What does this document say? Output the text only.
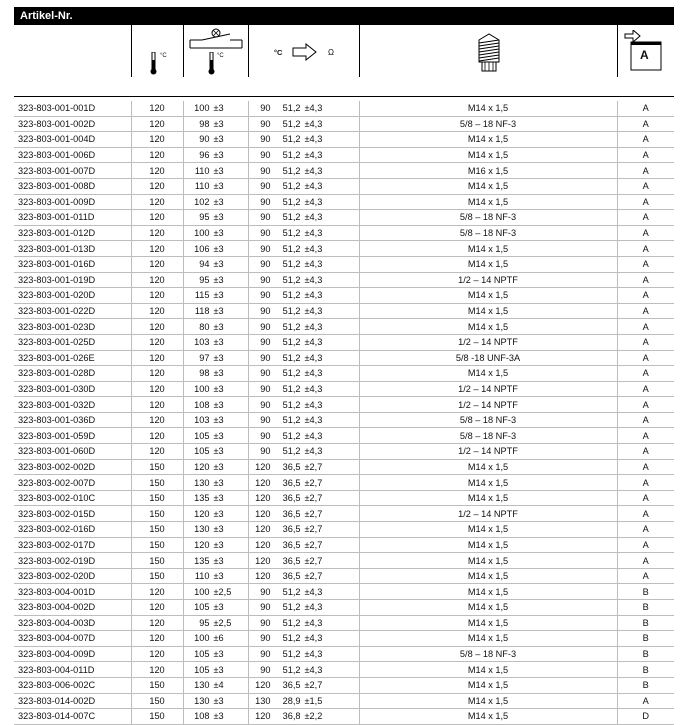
Artikel-Nr.
°C	°C	°C	Ω	A
323-803-001-001D	120	100 ±3	90 51,2 ±4,3	M14 x 1,5	A
323-803-001-002D	120	98 ±3	90 51,2 ±4,3	5/8 – 18 NF-3	A
323-803-001-004D	120	90 ±3	90 51,2 ±4,3	M14 x 1,5	A
323-803-001-006D	120	96 ±3	90 51,2 ±4,3	M14 x 1,5	A
323-803-001-007D	120	110 ±3	90 51,2 ±4,3	M16 x 1,5	A
323-803-001-008D	120	110 ±3	90 51,2 ±4,3	M14 x 1,5	A
323-803-001-009D	120	102 ±3	90 51,2 ±4,3	M14 x 1,5	A
323-803-001-011D	120	95 ±3	90 51,2 ±4,3	5/8 – 18 NF-3	A
323-803-001-012D	120	100 ±3	90 51,2 ±4,3	5/8 – 18 NF-3	A
323-803-001-013D	120	106 ±3	90 51,2 ±4,3	M14 x 1,5	A
323-803-001-016D	120	94 ±3	90 51,2 ±4,3	M14 x 1,5	A
323-803-001-019D	120	95 ±3	90 51,2 ±4,3	1/2 – 14 NPTF	A
323-803-001-020D	120	115 ±3	90 51,2 ±4,3	M14 x 1,5	A
323-803-001-022D	120	118 ±3	90 51,2 ±4,3	M14 x 1,5	A
323-803-001-023D	120	80 ±3	90 51,2 ±4,3	M14 x 1,5	A
323-803-001-025D	120	103 ±3	90 51,2 ±4,3	1/2 – 14 NPTF	A
323-803-001-026E	120	97 ±3	90 51,2 ±4,3	5/8 -18 UNF-3A	A
323-803-001-028D	120	98 ±3	90 51,2 ±4,3	M14 x 1,5	A
323-803-001-030D	120	100 ±3	90 51,2 ±4,3	1/2 – 14 NPTF	A
323-803-001-032D	120	108 ±3	90 51,2 ±4,3	1/2 – 14 NPTF	A
323-803-001-036D	120	103 ±3	90 51,2 ±4,3	5/8 – 18 NF-3	A
323-803-001-059D	120	105 ±3	90 51,2 ±4,3	5/8 – 18 NF-3	A
323-803-001-060D	120	105 ±3	90 51,2 ±4,3	1/2 – 14 NPTF	A
323-803-002-002D	150	120 ±3	120 36,5 ±2,7	M14 x 1,5	A
323-803-002-007D	150	130 ±3	120 36,5 ±2,7	M14 x 1,5	A
323-803-002-010C	150	135 ±3	120 36,5 ±2,7	M14 x 1,5	A
323-803-002-015D	150	120 ±3	120 36,5 ±2,7	1/2 – 14 NPTF	A
323-803-002-016D	150	130 ±3	120 36,5 ±2,7	M14 x 1,5	A
323-803-002-017D	150	120 ±3	120 36,5 ±2,7	M14 x 1,5	A
323-803-002-019D	150	135 ±3	120 36,5 ±2,7	M14 x 1,5	A
323-803-002-020D	150	110 ±3	120 36,5 ±2,7	M14 x 1,5	A
323-803-004-001D	120	100 ±2,5	90 51,2 ±4,3	M14 x 1,5	B
323-803-004-002D	120	105 ±3	90 51,2 ±4,3	M14 x 1,5	B
323-803-004-003D	120	95 ±2,5	90 51,2 ±4,3	M14 x 1,5	B
323-803-004-007D	120	100 ±6	90 51,2 ±4,3	M14 x 1,5	B
323-803-004-009D	120	105 ±3	90 51,2 ±4,3	5/8 – 18 NF-3	B
323-803-004-011D	120	105 ±3	90 51,2 ±4,3	M14 x 1,5	B
323-803-006-002C	150	130 ±4	120 36,5 ±2,7	M14 x 1,5	B
323-803-014-002D	150	130 ±3	130 28,9 ±1,5	M14 x 1,5	A
323-803-014-007C	150	108 ±3	120 36,8 ±2,2	M14 x 1,5	D
